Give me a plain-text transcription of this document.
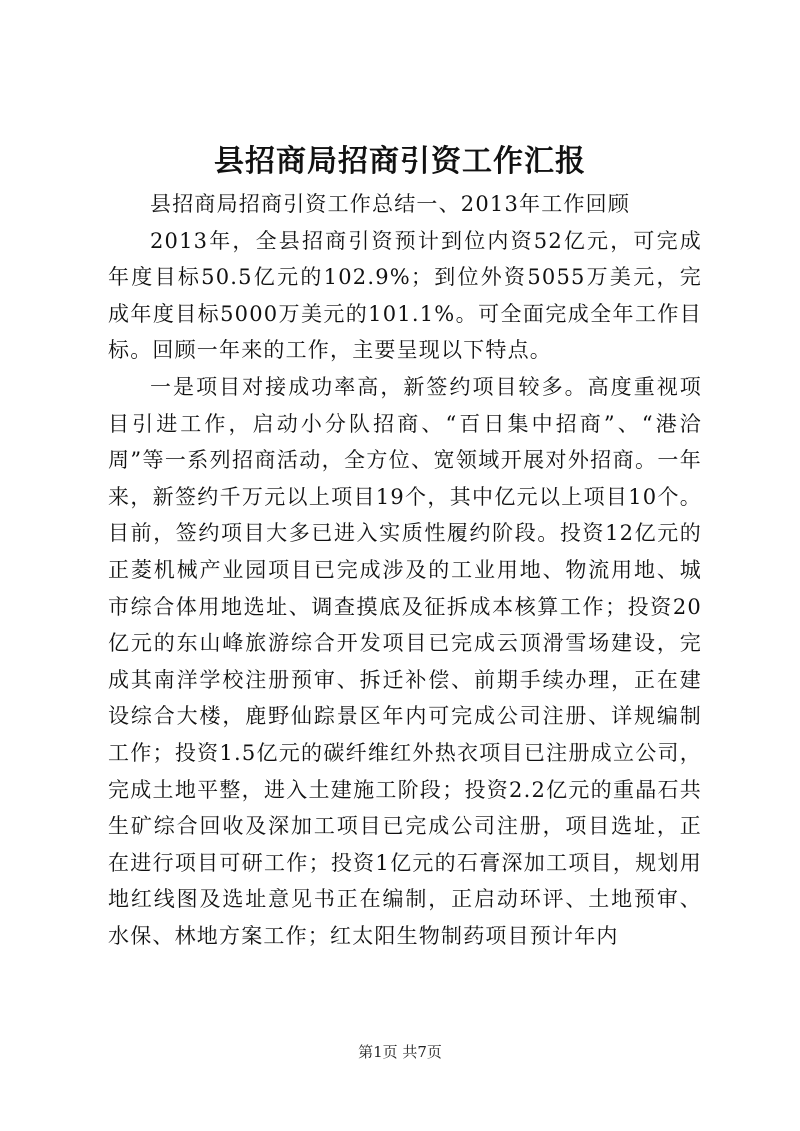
县招商局招商引资工作汇报

县招商局招商引资工作总结一、2013年工作回顾

2013年，全县招商引资预计到位内资52亿元，可完成年度目标50.5亿元的102.9%；到位外资5055万美元，完成年度目标5000万美元的101.1%。可全面完成全年工作目标。回顾一年来的工作，主要呈现以下特点。

一是项目对接成功率高，新签约项目较多。高度重视项目引进工作，启动小分队招商、“百日集中招商”、“港洽周”等一系列招商活动，全方位、宽领域开展对外招商。一年来，新签约千万元以上项目19个，其中亿元以上项目10个。目前，签约项目大多已进入实质性履约阶段。投资12亿元的正菱机械产业园项目已完成涉及的工业用地、物流用地、城市综合体用地选址、调查摸底及征拆成本核算工作；投资20亿元的东山峰旅游综合开发项目已完成云顶滑雪场建设，完成其南洋学校注册预审、拆迁补偿、前期手续办理，正在建设综合大楼，鹿野仙踪景区年内可完成公司注册、详规编制工作；投资1.5亿元的碳纤维红外热衣项目已注册成立公司，完成土地平整，进入土建施工阶段；投资2.2亿元的重晶石共生矿综合回收及深加工项目已完成公司注册，项目选址，正在进行项目可研工作；投资1亿元的石膏深加工项目，规划用地红线图及选址意见书正在编制，正启动环评、土地预审、水保、林地方案工作；红太阳生物制药项目预计年内

第1页 共7页
